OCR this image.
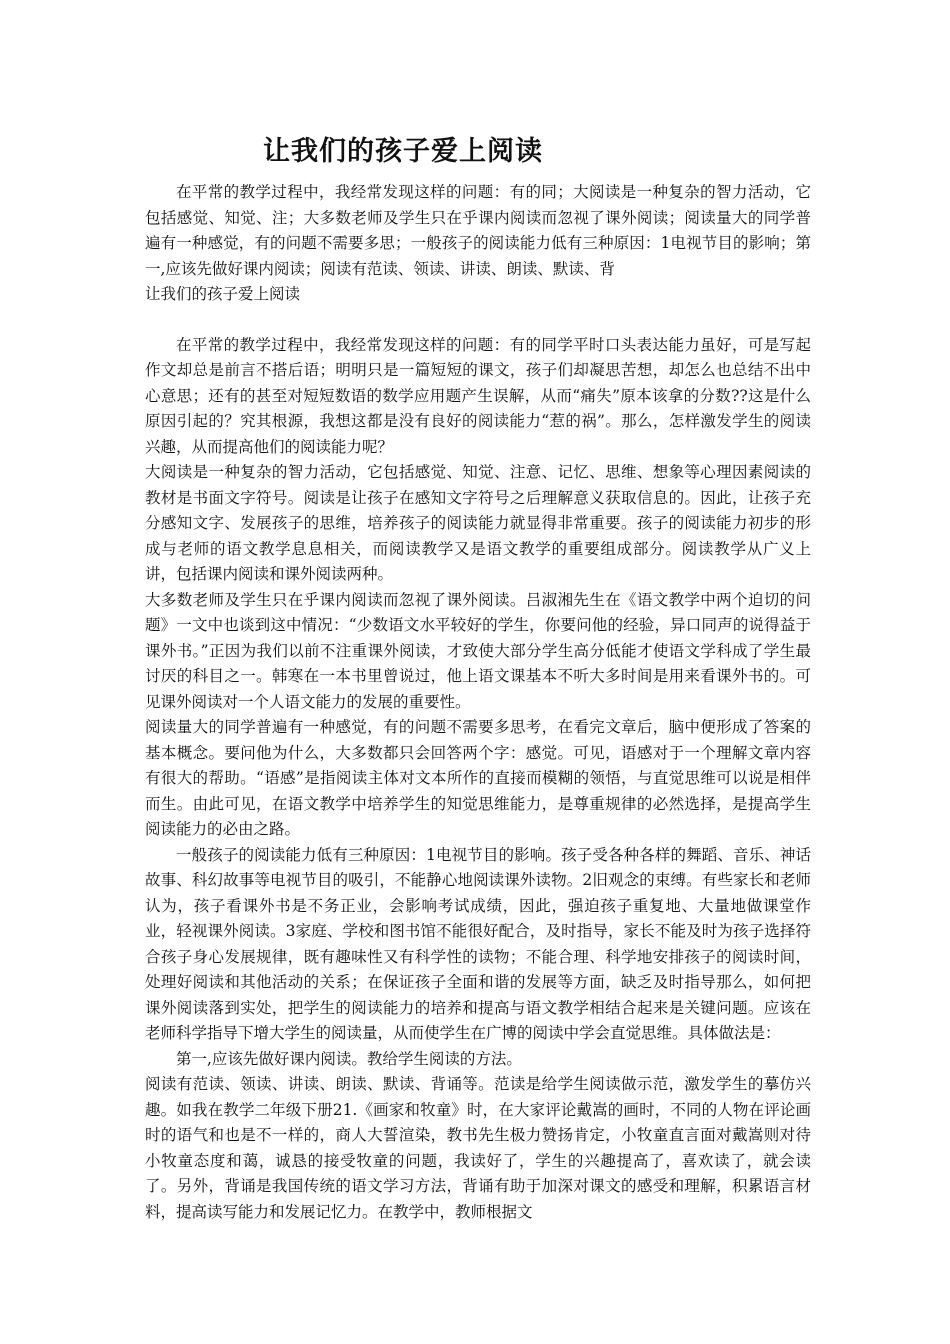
让我们的孩子爱上阅读

在平常的教学过程中，我经常发现这样的问题：有的同；大阅读是一种复杂的智力活动，它包括感觉、知觉、注；大多数老师及学生只在乎课内阅读而忽视了课外阅读；阅读量大的同学普遍有一种感觉，有的问题不需要多思；一般孩子的阅读能力低有三种原因：1电视节目的影响；第一,应该先做好课内阅读；阅读有范读、领读、讲读、朗读、默读、背

让我们的孩子爱上阅读

在平常的教学过程中，我经常发现这样的问题：有的同学平时口头表达能力虽好，可是写起作文却总是前言不搭后语；明明只是一篇短短的课文，孩子们却凝思苦想，却怎么也总结不出中心意思；还有的甚至对短短数语的数学应用题产生误解，从而“痛失”原本该拿的分数??这是什么原因引起的？究其根源，我想这都是没有良好的阅读能力“惹的祸”。那么，怎样激发学生的阅读兴趣，从而提高他们的阅读能力呢？

大阅读是一种复杂的智力活动，它包括感觉、知觉、注意、记忆、思维、想象等心理因素阅读的教材是书面文字符号。阅读是让孩子在感知文字符号之后理解意义获取信息的。因此，让孩子充分感知文字、发展孩子的思维，培养孩子的阅读能力就显得非常重要。孩子的阅读能力初步的形成与老师的语文教学息息相关，而阅读教学又是语文教学的重要组成部分。阅读教学从广义上讲，包括课内阅读和课外阅读两种。

大多数老师及学生只在乎课内阅读而忽视了课外阅读。吕淑湘先生在《语文教学中两个迫切的问题》一文中也谈到这中情况：“少数语文水平较好的学生，你要问他的经验，异口同声的说得益于课外书。”正因为我们以前不注重课外阅读，才致使大部分学生高分低能才使语文学科成了学生最讨厌的科目之一。韩寒在一本书里曾说过，他上语文课基本不听大多时间是用来看课外书的。可见课外阅读对一个人语文能力的发展的重要性。

阅读量大的同学普遍有一种感觉，有的问题不需要多思考，在看完文章后，脑中便形成了答案的基本概念。要问他为什么，大多数都只会回答两个字：感觉。可见，语感对于一个理解文章内容有很大的帮助。“语感”是指阅读主体对文本所作的直接而模糊的领悟，与直觉思维可以说是相伴而生。由此可见，在语文教学中培养学生的知觉思维能力，是尊重规律的必然选择，是提高学生阅读能力的必由之路。

一般孩子的阅读能力低有三种原因：1电视节目的影响。孩子受各种各样的舞蹈、音乐、神话故事、科幻故事等电视节目的吸引，不能静心地阅读课外读物。2旧观念的束缚。有些家长和老师认为，孩子看课外书是不务正业，会影响考试成绩，因此，强迫孩子重复地、大量地做课堂作业，轻视课外阅读。3家庭、学校和图书馆不能很好配合，及时指导，家长不能及时为孩子选择符合孩子身心发展规律，既有趣味性又有科学性的读物；不能合理、科学地安排孩子的阅读时间，处理好阅读和其他活动的关系；在保证孩子全面和谐的发展等方面，缺乏及时指导那么，如何把课外阅读落到实处，把学生的阅读能力的培养和提高与语文教学相结合起来是关键问题。应该在老师科学指导下增大学生的阅读量，从而使学生在广博的阅读中学会直觉思维。具体做法是：

第一,应该先做好课内阅读。教给学生阅读的方法。

阅读有范读、领读、讲读、朗读、默读、背诵等。范读是给学生阅读做示范，激发学生的摹仿兴趣。如我在教学二年级下册21.《画家和牧童》时，在大家评论戴嵩的画时，不同的人物在评论画时的语气和也是不一样的，商人大誓渲染，教书先生极力赞扬肯定，小牧童直言面对戴嵩则对待小牧童态度和蔼，诚恳的接受牧童的问题，我读好了，学生的兴趣提高了，喜欢读了，就会读了。另外，背诵是我国传统的语文学习方法，背诵有助于加深对课文的感受和理解，积累语言材料，提高读写能力和发展记忆力。在教学中，教师根据文
